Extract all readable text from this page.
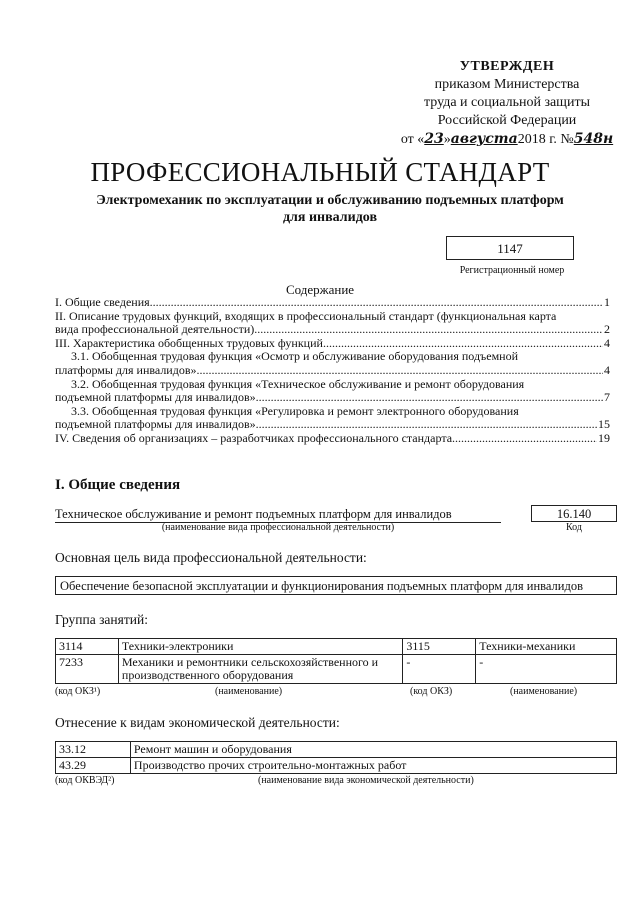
УТВЕРЖДЕН
приказом Министерства
труда и социальной защиты
Российской Федерации
от «23»августа2018 г. №548н
ПРОФЕССИОНАЛЬНЫЙ СТАНДАРТ
Электромеханик по эксплуатации и обслуживанию подъемных платформ
для инвалидов
1147
Регистрационный номер
Содержание
I. Общие сведения .....	1
II. Описание трудовых функций, входящих в профессиональный стандарт (функциональная карта
вида профессиональной деятельности) .....	2
III. Характеристика обобщенных трудовых функций .....	4
3.1. Обобщенная трудовая функция «Осмотр и обслуживание оборудования подъемной
платформы для инвалидов» .....	4
3.2. Обобщенная трудовая функция «Техническое обслуживание и ремонт оборудования
подъемной платформы для инвалидов» .....	7
3.3. Обобщенная трудовая функция «Регулировка и ремонт электронного оборудования
подъемной платформы для инвалидов» .....	15
IV. Сведения об организациях – разработчиках профессионального стандарта .....	19
I. Общие сведения
Техническое обслуживание и ремонт подъемных платформ для инвалидов
(наименование вида профессиональной деятельности)
16.140
Код
Основная цель вида профессиональной деятельности:
Обеспечение безопасной эксплуатации и функционирования подъемных платформ для инвалидов
Группа занятий:
3114	Техники-электроники	3115	Техники-механики
7233	Механики и ремонтники сельскохозяйственного и производственного оборудования	-	-
(код ОКЗ¹)	(наименование)	(код ОКЗ)	(наименование)
Отнесение к видам экономической деятельности:
33.12	Ремонт машин и оборудования
43.29	Производство прочих строительно-монтажных работ
(код ОКВЭД²)	(наименование вида экономической деятельности)
